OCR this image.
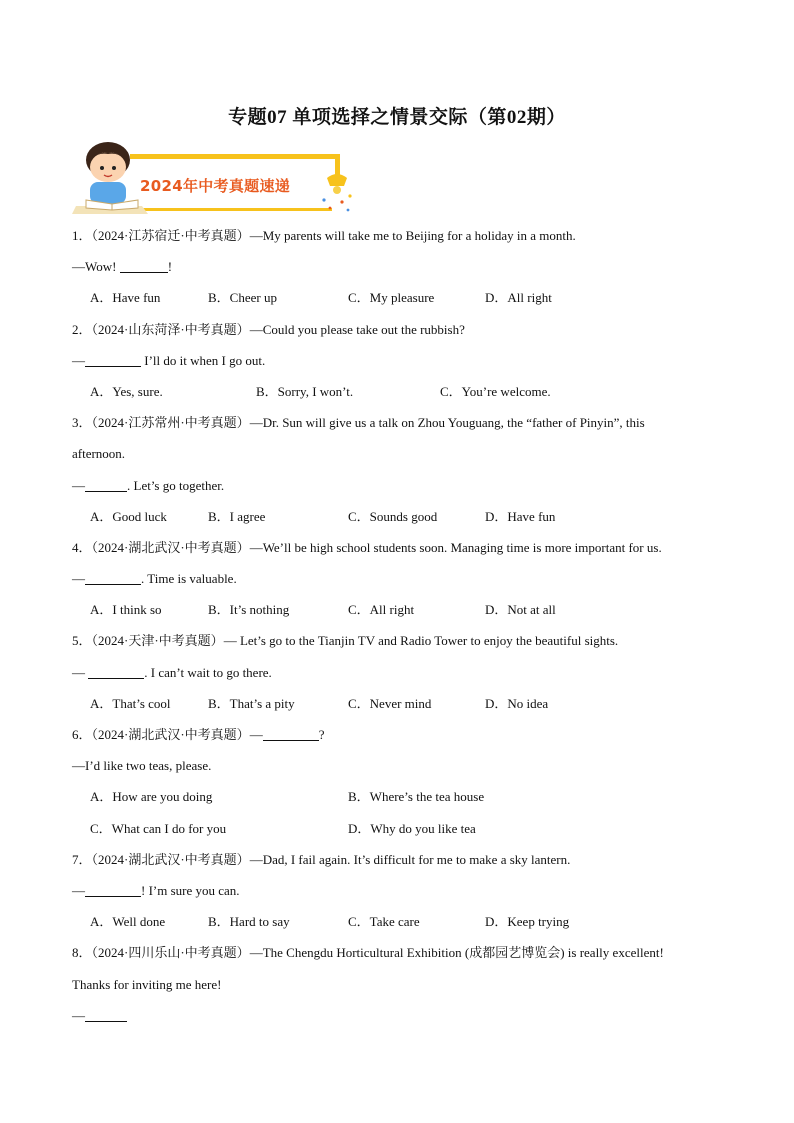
专题07 单项选择之情景交际（第02期）
2024年中考真题速递
1．（2024·江苏宿迁·中考真题）—My parents will take me to Beijing for a holiday in a month.
—Wow!	!
A．Have fun	B．Cheer up	C．My pleasure	D．All right
2．（2024·山东菏泽·中考真题）—Could you please take out the rubbish?
—	I’ll do it when I go out.
A．Yes, sure.	B．Sorry, I won’t.	C．You’re welcome.
3．（2024·江苏常州·中考真题）—Dr. Sun will give us a talk on Zhou Youguang, the “father of Pinyin”, this
afternoon.
—	. Let’s go together.
A．Good luck	B．I agree	C．Sounds good	D．Have fun
4．（2024·湖北武汉·中考真题）—We’ll be high school students soon. Managing time is more important for us.
—	. Time is valuable.
A．I think so	B．It’s nothing	C．All right	D．Not at all
5．（2024·天津·中考真题）— Let’s go to the Tianjin TV and Radio Tower to enjoy the beautiful sights.
—	. I can’t wait to go there.
A．That’s cool	B．That’s a pity	C．Never mind	D．No idea
6．（2024·湖北武汉·中考真题）—	?
—I’d like two teas, please.
A．How are you doing	B．Where’s the tea house
C．What can I do for you	D．Why do you like tea
7．（2024·湖北武汉·中考真题）—Dad, I fail again. It’s difficult for me to make a sky lantern.
—	! I’m sure you can.
A．Well done	B．Hard to say	C．Take care	D．Keep trying
8．（2024·四川乐山·中考真题）—The Chengdu Horticultural Exhibition (成都园艺博览会) is really excellent!
Thanks for inviting me here!
—
